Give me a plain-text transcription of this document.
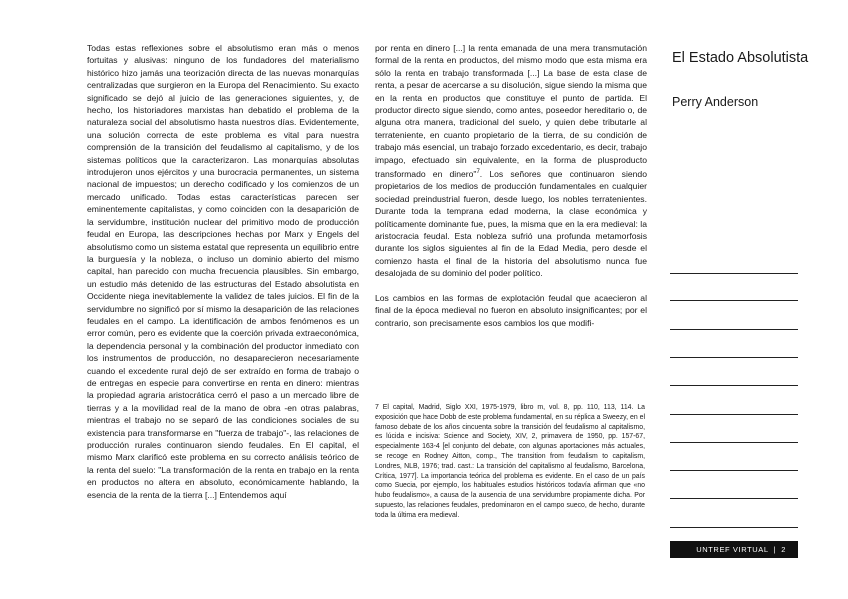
Todas estas reflexiones sobre el absolutismo eran más o menos fortuitas y alusivas: ninguno de los fundadores del materialismo histórico hizo jamás una teorización directa de las nuevas monarquías centralizadas que surgieron en la Europa del Renacimiento. Su exacto significado se dejó al juicio de las generaciones siguientes, y, de hecho, los historiadores marxistas han debatido el problema de la naturaleza social del absolutismo hasta nuestros días. Evidentemente, una solución correcta de este problema es vital para nuestra comprensión de la transición del feudalismo al capitalismo, y de los sistemas políticos que la caracterizaron. Las monarquías absolutas introdujeron unos ejércitos y una burocracia permanentes, un sistema nacional de impuestos; un derecho codificado y los comienzos de un mercado unificado. Todas estas características parecen ser eminentemente capitalistas, y como coinciden con la desaparición de la servidumbre, institución nuclear del primitivo modo de producción feudal en Europa, las descripciones hechas por Marx y Engels del absolutismo como un sistema estatal que representa un equilibrio entre la burguesía y la nobleza, o incluso un dominio abierto del mismo capital, han parecido con mucha frecuencia plausibles. Sin embargo, un estudio más detenido de las estructuras del Estado absolutista en Occidente niega inevitablemente la validez de tales juicios. El fin de la servidumbre no significó por sí mismo la desaparición de las relaciones feudales en el campo. La identificación de ambos fenómenos es un error común, pero es evidente que la coerción privada extraeconómica, la dependencia personal y la combinación del productor inmediato con los instrumentos de producción, no desaparecieron necesariamente cuando el excedente rural dejó de ser extraído en forma de trabajo o de entregas en especie para convertirse en renta en dinero: mientras la propiedad agraria aristocrática cerró el paso a un mercado libre de tierras y a la movilidad real de la mano de obra -en otras palabras, mientras el trabajo no se separó de las condiciones sociales de su existencia para transformarse en "fuerza de trabajo"-, las relaciones de producción rurales continuaron siendo feudales. En El capital, el mismo Marx clarificó este problema en su correcto análisis teórico de la renta del suelo: "La transformación de la renta en trabajo en la renta en productos no altera en absoluto, económicamente hablando, la esencia de la renta de la tierra [...] Entendemos aquí

por renta en dinero [...] la renta emanada de una mera transmutación formal de la renta en productos, del mismo modo que esta misma era sólo la renta en trabajo transformada [...] La base de esta clase de renta, a pesar de acercarse a su disolución, sigue siendo la misma que en la renta en productos que constituye el punto de partida. El productor directo sigue siendo, como antes, poseedor hereditario o, de alguna otra manera, tradicional del suelo, y quien debe tributarle al terrateniente, en cuanto propietario de la tierra, de su condición de trabajo más esencial, un trabajo forzado excedentario, es decir, trabajo impago, efectuado sin equivalente, en la forma de plusproducto transformado en dinero"$^7$. Los señores que continuaron siendo propietarios de los medios de producción fundamentales en cualquier sociedad preindustrial fueron, desde luego, los nobles terratenientes. Durante toda la temprana edad moderna, la clase económica y políticamente dominante fue, pues, la misma que en la era medieval: la aristocracia feudal. Esta nobleza sufrió una profunda metamorfosis durante los siglos siguientes al fin de la Edad Media, pero desde el comienzo hasta el final de la historia del absolutismo nunca fue desalojada de su dominio del poder político.

Los cambios en las formas de explotación feudal que acaecieron al final de la época medieval no fueron en absoluto insignificantes; por el contrario, son precisamente esos cambios los que modifi-

7 El capital, Madrid, Siglo XXI, 1975-1979, libro m, vol. 8, pp. 110, 113, 114. La exposición que hace Dobb de este problema fundamental, en su réplica a Sweezy, en el famoso debate de los años cincuenta sobre la transición del feudalismo al capitalismo, es lúcida e incisiva: Science and Society, XIV, 2, primavera de 1950, pp. 157-67, especialmente 163-4 [el conjunto del debate, con algunas aportaciones más actuales, se recoge en Rodney Aitton, comp., The transition from feudalism to capitalism, Londres, NLB, 1976; trad. cast.: La transición del capitalismo al feudalismo, Barcelona, Crítica, 1977]. La importancia teórica del problema es evidente. En el caso de un país como Suecia, por ejemplo, los habituales estudios históricos todavía afirman que «no hubo feudalismo», a causa de la ausencia de una servidumbre propiamente dicha. Por supuesto, las relaciones feudales, predominaron en el campo sueco, de hecho, durante toda la última era medieval.

El Estado Absolutista
Perry Anderson
UNTREF VIRTUAL | 2
